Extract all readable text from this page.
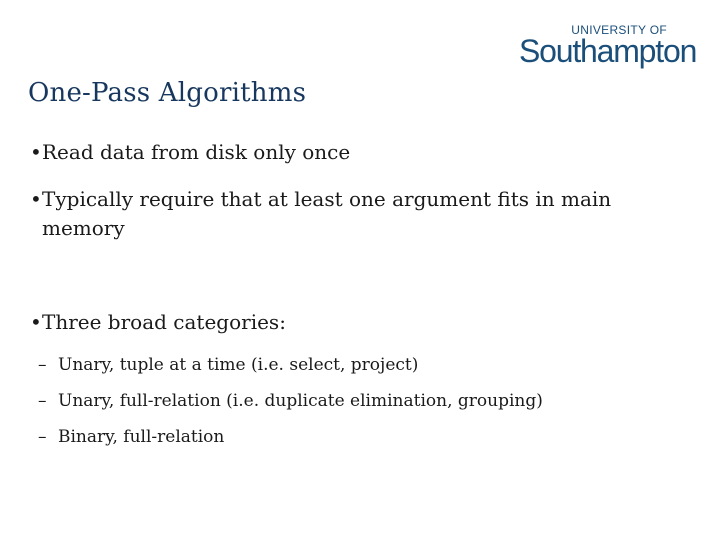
UNIVERSITY OF
Southampton
One-Pass Algorithms
• Read data from disk only once
• Typically require that at least one argument fits in main memory
• Three broad categories:
– Unary, tuple at a time (i.e. select, project)
– Unary, full-relation (i.e. duplicate elimination, grouping)
– Binary, full-relation
